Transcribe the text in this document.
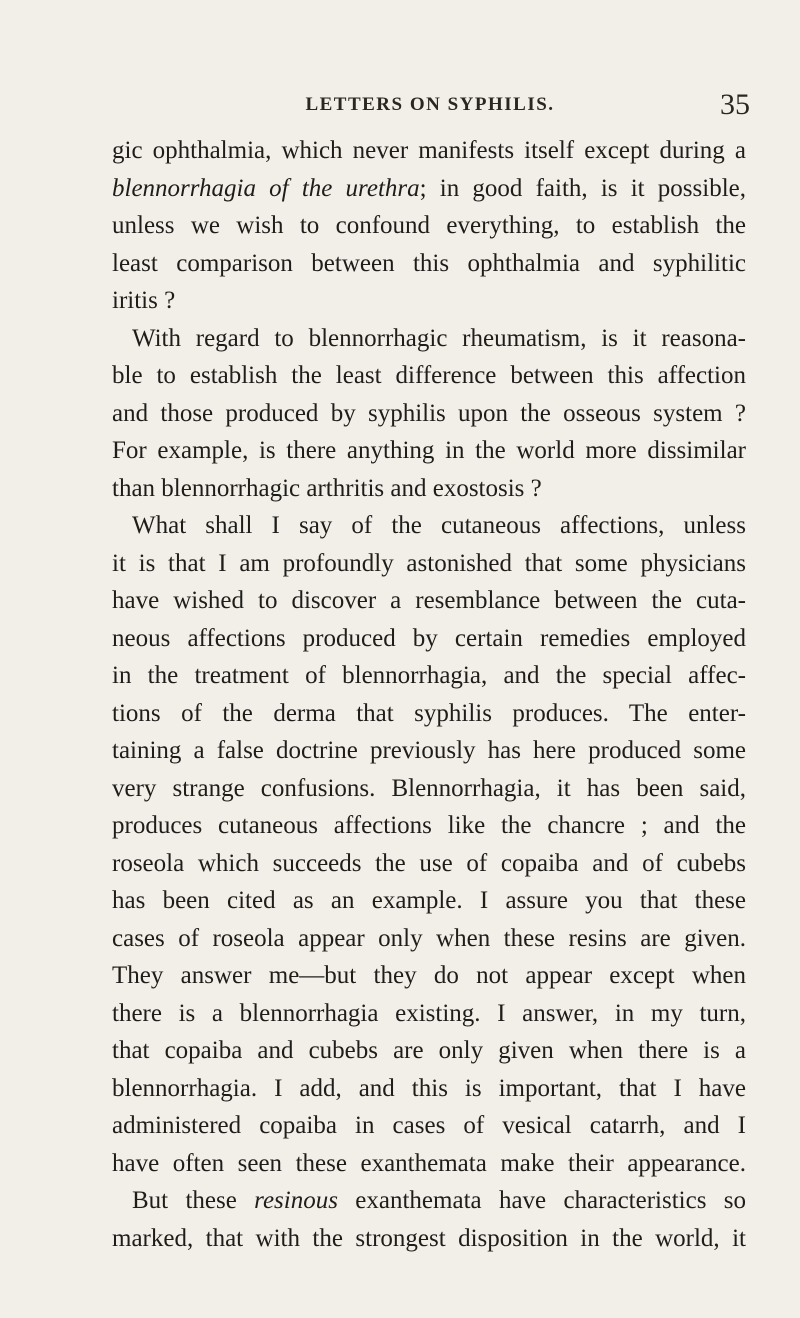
LETTERS ON SYPHILIS.	35
gic ophthalmia, which never manifests itself except during a
blennorrhagia of the urethra; in good faith, is it possible,
unless we wish to confound everything, to establish the
least comparison between this ophthalmia and syphilitic
iritis ?
With regard to blennorrhagic rheumatism, is it reasona-
ble to establish the least difference between this affection
and those produced by syphilis upon the osseous system ?
For example, is there anything in the world more dissimilar
than blennorrhagic arthritis and exostosis ?
What shall I say of the cutaneous affections, unless
it is that I am profoundly astonished that some physicians
have wished to discover a resemblance between the cuta-
neous affections produced by certain remedies employed
in the treatment of blennorrhagia, and the special affec-
tions of the derma that syphilis produces. The enter-
taining a false doctrine previously has here produced some
very strange confusions. Blennorrhagia, it has been said,
produces cutaneous affections like the chancre ; and the
roseola which succeeds the use of copaiba and of cubebs
has been cited as an example. I assure you that these
cases of roseola appear only when these resins are given.
They answer me—but they do not appear except when
there is a blennorrhagia existing. I answer, in my turn,
that copaiba and cubebs are only given when there is a
blennorrhagia. I add, and this is important, that I have
administered copaiba in cases of vesical catarrh, and I
have often seen these exanthemata make their appearance.
But these resinous exanthemata have characteristics so
marked, that with the strongest disposition in the world, it
